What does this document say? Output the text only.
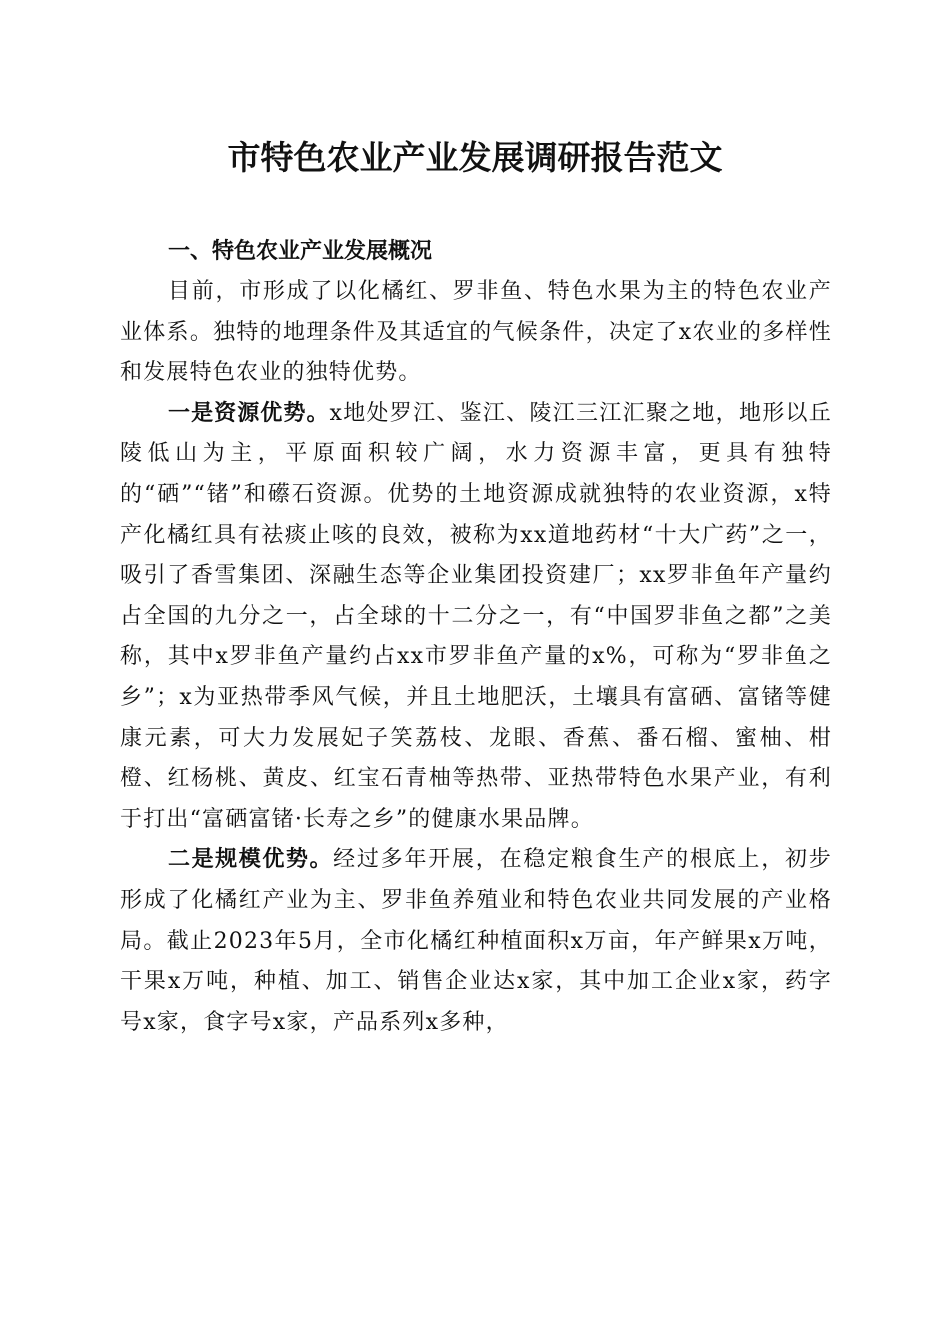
市特色农业产业发展调研报告范文

一、特色农业产业发展概况

目前，市形成了以化橘红、罗非鱼、特色水果为主的特色农业产业体系。独特的地理条件及其适宜的气候条件，决定了x农业的多样性和发展特色农业的独特优势。

一是资源优势。x地处罗江、鉴江、陵江三江汇聚之地，地形以丘陵低山为主，平原面积较广阔，水力资源丰富，更具有独特的“硒”“锗”和礤石资源。优势的土地资源成就独特的农业资源，x特产化橘红具有祛痰止咳的良效，被称为xx道地药材“十大广药”之一，吸引了香雪集团、深融生态等企业集团投资建厂；xx罗非鱼年产量约占全国的九分之一，占全球的十二分之一，有“中国罗非鱼之都”之美称，其中x罗非鱼产量约占xx市罗非鱼产量的x%，可称为“罗非鱼之乡”；x为亚热带季风气候，并且土地肥沃，土壤具有富硒、富锗等健康元素，可大力发展妃子笑荔枝、龙眼、香蕉、番石榴、蜜柚、柑橙、红杨桃、黄皮、红宝石青柚等热带、亚热带特色水果产业，有利于打出“富硒富锗·长寿之乡”的健康水果品牌。

二是规模优势。经过多年开展，在稳定粮食生产的根底上，初步形成了化橘红产业为主、罗非鱼养殖业和特色农业共同发展的产业格局。截止2023年5月，全市化橘红种植面积x万亩，年产鲜果x万吨，干果x万吨，种植、加工、销售企业达x家，其中加工企业x家，药字号x家，食字号x家，产品系列x多种，
